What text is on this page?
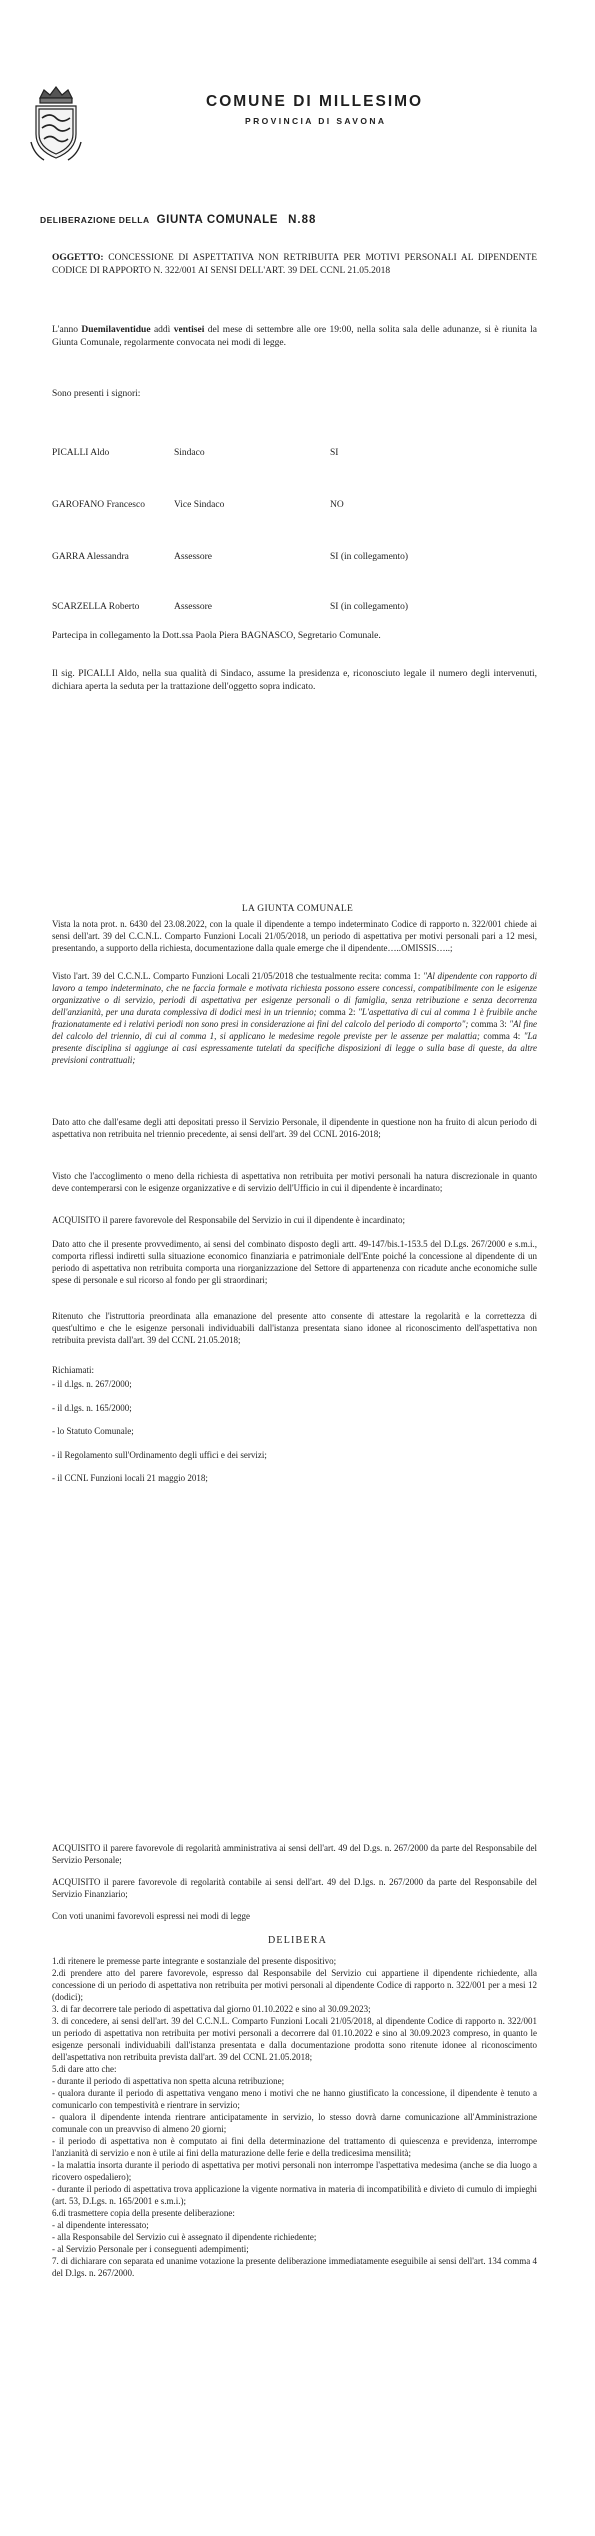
COMUNE DI MILLESIMO
PROVINCIA DI SAVONA
DELIBERAZIONE DELLA GIUNTA COMUNALE N.88
OGGETTO: CONCESSIONE DI ASPETTATIVA NON RETRIBUITA PER MOTIVI PERSONALI AL DIPENDENTE CODICE DI RAPPORTO N. 322/001 AI SENSI DELL'ART. 39 DEL CCNL 21.05.2018
L'anno Duemilaventidue addì ventisei del mese di settembre alle ore 19:00, nella solita sala delle adunanze, si è riunita la Giunta Comunale, regolarmente convocata nei modi di legge.
Sono presenti i signori:
PICALLI Aldo	Sindaco	SI
GAROFANO Francesco	Vice Sindaco	NO
GARRA Alessandra	Assessore	SI (in collegamento)
SCARZELLA Roberto	Assessore	SI (in collegamento)
Partecipa in collegamento la Dott.ssa Paola Piera BAGNASCO, Segretario Comunale.
Il sig. PICALLI Aldo, nella sua qualità di Sindaco, assume la presidenza e, riconosciuto legale il numero degli intervenuti, dichiara aperta la seduta per la trattazione dell'oggetto sopra indicato.
LA GIUNTA COMUNALE
Vista la nota prot. n. 6430 del 23.08.2022, con la quale il dipendente a tempo indeterminato Codice di rapporto n. 322/001 chiede ai sensi dell'art. 39 del C.C.N.L. Comparto Funzioni Locali 21/05/2018, un periodo di aspettativa per motivi personali pari a 12 mesi, presentando, a supporto della richiesta, documentazione dalla quale emerge che il dipendente…..OMISSIS…..;
Visto l'art. 39 del C.C.N.L. Comparto Funzioni Locali 21/05/2018 che testualmente recita: comma 1: "Al dipendente con rapporto di lavoro a tempo indeterminato, che ne faccia formale e motivata richiesta possono essere concessi, compatibilmente con le esigenze organizzative o di servizio, periodi di aspettativa per esigenze personali o di famiglia, senza retribuzione e senza decorrenza dell'anzianità, per una durata complessiva di dodici mesi in un triennio; comma 2: "L'aspettativa di cui al comma 1 è fruibile anche frazionatamente ed i relativi periodi non sono presi in considerazione ai fini del calcolo del periodo di comporto"; comma 3: "Al fine del calcolo del triennio, di cui al comma 1, si applicano le medesime regole previste per le assenze per malattia; comma 4: "La presente disciplina si aggiunge ai casi espressamente tutelati da specifiche disposizioni di legge o sulla base di queste, da altre previsioni contrattuali;
Dato atto che dall'esame degli atti depositati presso il Servizio Personale, il dipendente in questione non ha fruito di alcun periodo di aspettativa non retribuita nel triennio precedente, ai sensi dell'art. 39 del CCNL 2016-2018;
Visto che l'accoglimento o meno della richiesta di aspettativa non retribuita per motivi personali ha natura discrezionale in quanto deve contemperarsi con le esigenze organizzative e di servizio dell'Ufficio in cui il dipendente è incardinato;
ACQUISITO il parere favorevole del Responsabile del Servizio in cui il dipendente è incardinato;
Dato atto che il presente provvedimento, ai sensi del combinato disposto degli artt. 49-147/bis.1-153.5 del D.Lgs. 267/2000 e s.m.i., comporta riflessi indiretti sulla situazione economico finanziaria e patrimoniale dell'Ente poiché la concessione al dipendente di un periodo di aspettativa non retribuita comporta una riorganizzazione del Settore di appartenenza con ricadute anche economiche sulle spese di personale e sul ricorso al fondo per gli straordinari;
Ritenuto che l'istruttoria preordinata alla emanazione del presente atto consente di attestare la regolarità e la correttezza di quest'ultimo e che le esigenze personali individuabili dall'istanza presentata siano idonee al riconoscimento dell'aspettativa non retribuita prevista dall'art. 39 del CCNL 21.05.2018;
Richiamati:
- il d.lgs. n. 267/2000;
- il d.lgs. n. 165/2000;
- lo Statuto Comunale;
- il Regolamento sull'Ordinamento degli uffici e dei servizi;
- il CCNL Funzioni locali 21 maggio 2018;
ACQUISITO il parere favorevole di regolarità amministrativa ai sensi dell'art. 49 del D.gs. n. 267/2000 da parte del Responsabile del Servizio Personale;
ACQUISITO il parere favorevole di regolarità contabile ai sensi dell'art. 49 del D.lgs. n. 267/2000 da parte del Responsabile del Servizio Finanziario;
Con voti unanimi favorevoli espressi nei modi di legge
DELIBERA

1.di ritenere le premesse parte integrante e sostanziale del presente dispositivo;

2.di prendere atto del parere favorevole, espresso dal Responsabile del Servizio cui appartiene il dipendente richiedente, alla concessione di un periodo di aspettativa non retribuita per motivi personali al dipendente Codice di rapporto n. 322/001 per a mesi 12 (dodici);

3. di far decorrere tale periodo di aspettativa dal giorno 01.10.2022 e sino al 30.09.2023;

3. di concedere, ai sensi dell'art. 39 del C.C.N.L. Comparto Funzioni Locali 21/05/2018, al dipendente Codice di rapporto n. 322/001 un periodo di aspettativa non retribuita per motivi personali a decorrere dal 01.10.2022 e sino al 30.09.2023 compreso, in quanto le esigenze personali individuabili dall'istanza presentata e dalla documentazione prodotta sono ritenute idonee al riconoscimento dell'aspettativa non retribuita prevista dall'art. 39 del CCNL 21.05.2018;

5.di dare atto che:

- durante il periodo di aspettativa non spetta alcuna retribuzione;

- qualora durante il periodo di aspettativa vengano meno i motivi che ne hanno giustificato la concessione, il dipendente è tenuto a comunicarlo con tempestività e rientrare in servizio;

- qualora il dipendente intenda rientrare anticipatamente in servizio, lo stesso dovrà darne comunicazione all'Amministrazione comunale con un preavviso di almeno 20 giorni;

- il periodo di aspettativa non è computato ai fini della determinazione del trattamento di quiescenza e previdenza, interrompe l'anzianità di servizio e non è utile ai fini della maturazione delle ferie e della tredicesima mensilità;

- la malattia insorta durante il periodo di aspettativa per motivi personali non interrompe l'aspettativa medesima (anche se dia luogo a ricovero ospedaliero);

- durante il periodo di aspettativa trova applicazione la vigente normativa in materia di incompatibilità e divieto di cumulo di impieghi (art. 53, D.Lgs. n. 165/2001 e s.m.i.);

6.di trasmettere copia della presente deliberazione:

- al dipendente interessato;

- alla Responsabile del Servizio cui è assegnato il dipendente richiedente;

- al Servizio Personale per i conseguenti adempimenti;

7. di dichiarare con separata ed unanime votazione la presente deliberazione immediatamente eseguibile ai sensi dell'art. 134 comma 4 del D.lgs. n. 267/2000.
